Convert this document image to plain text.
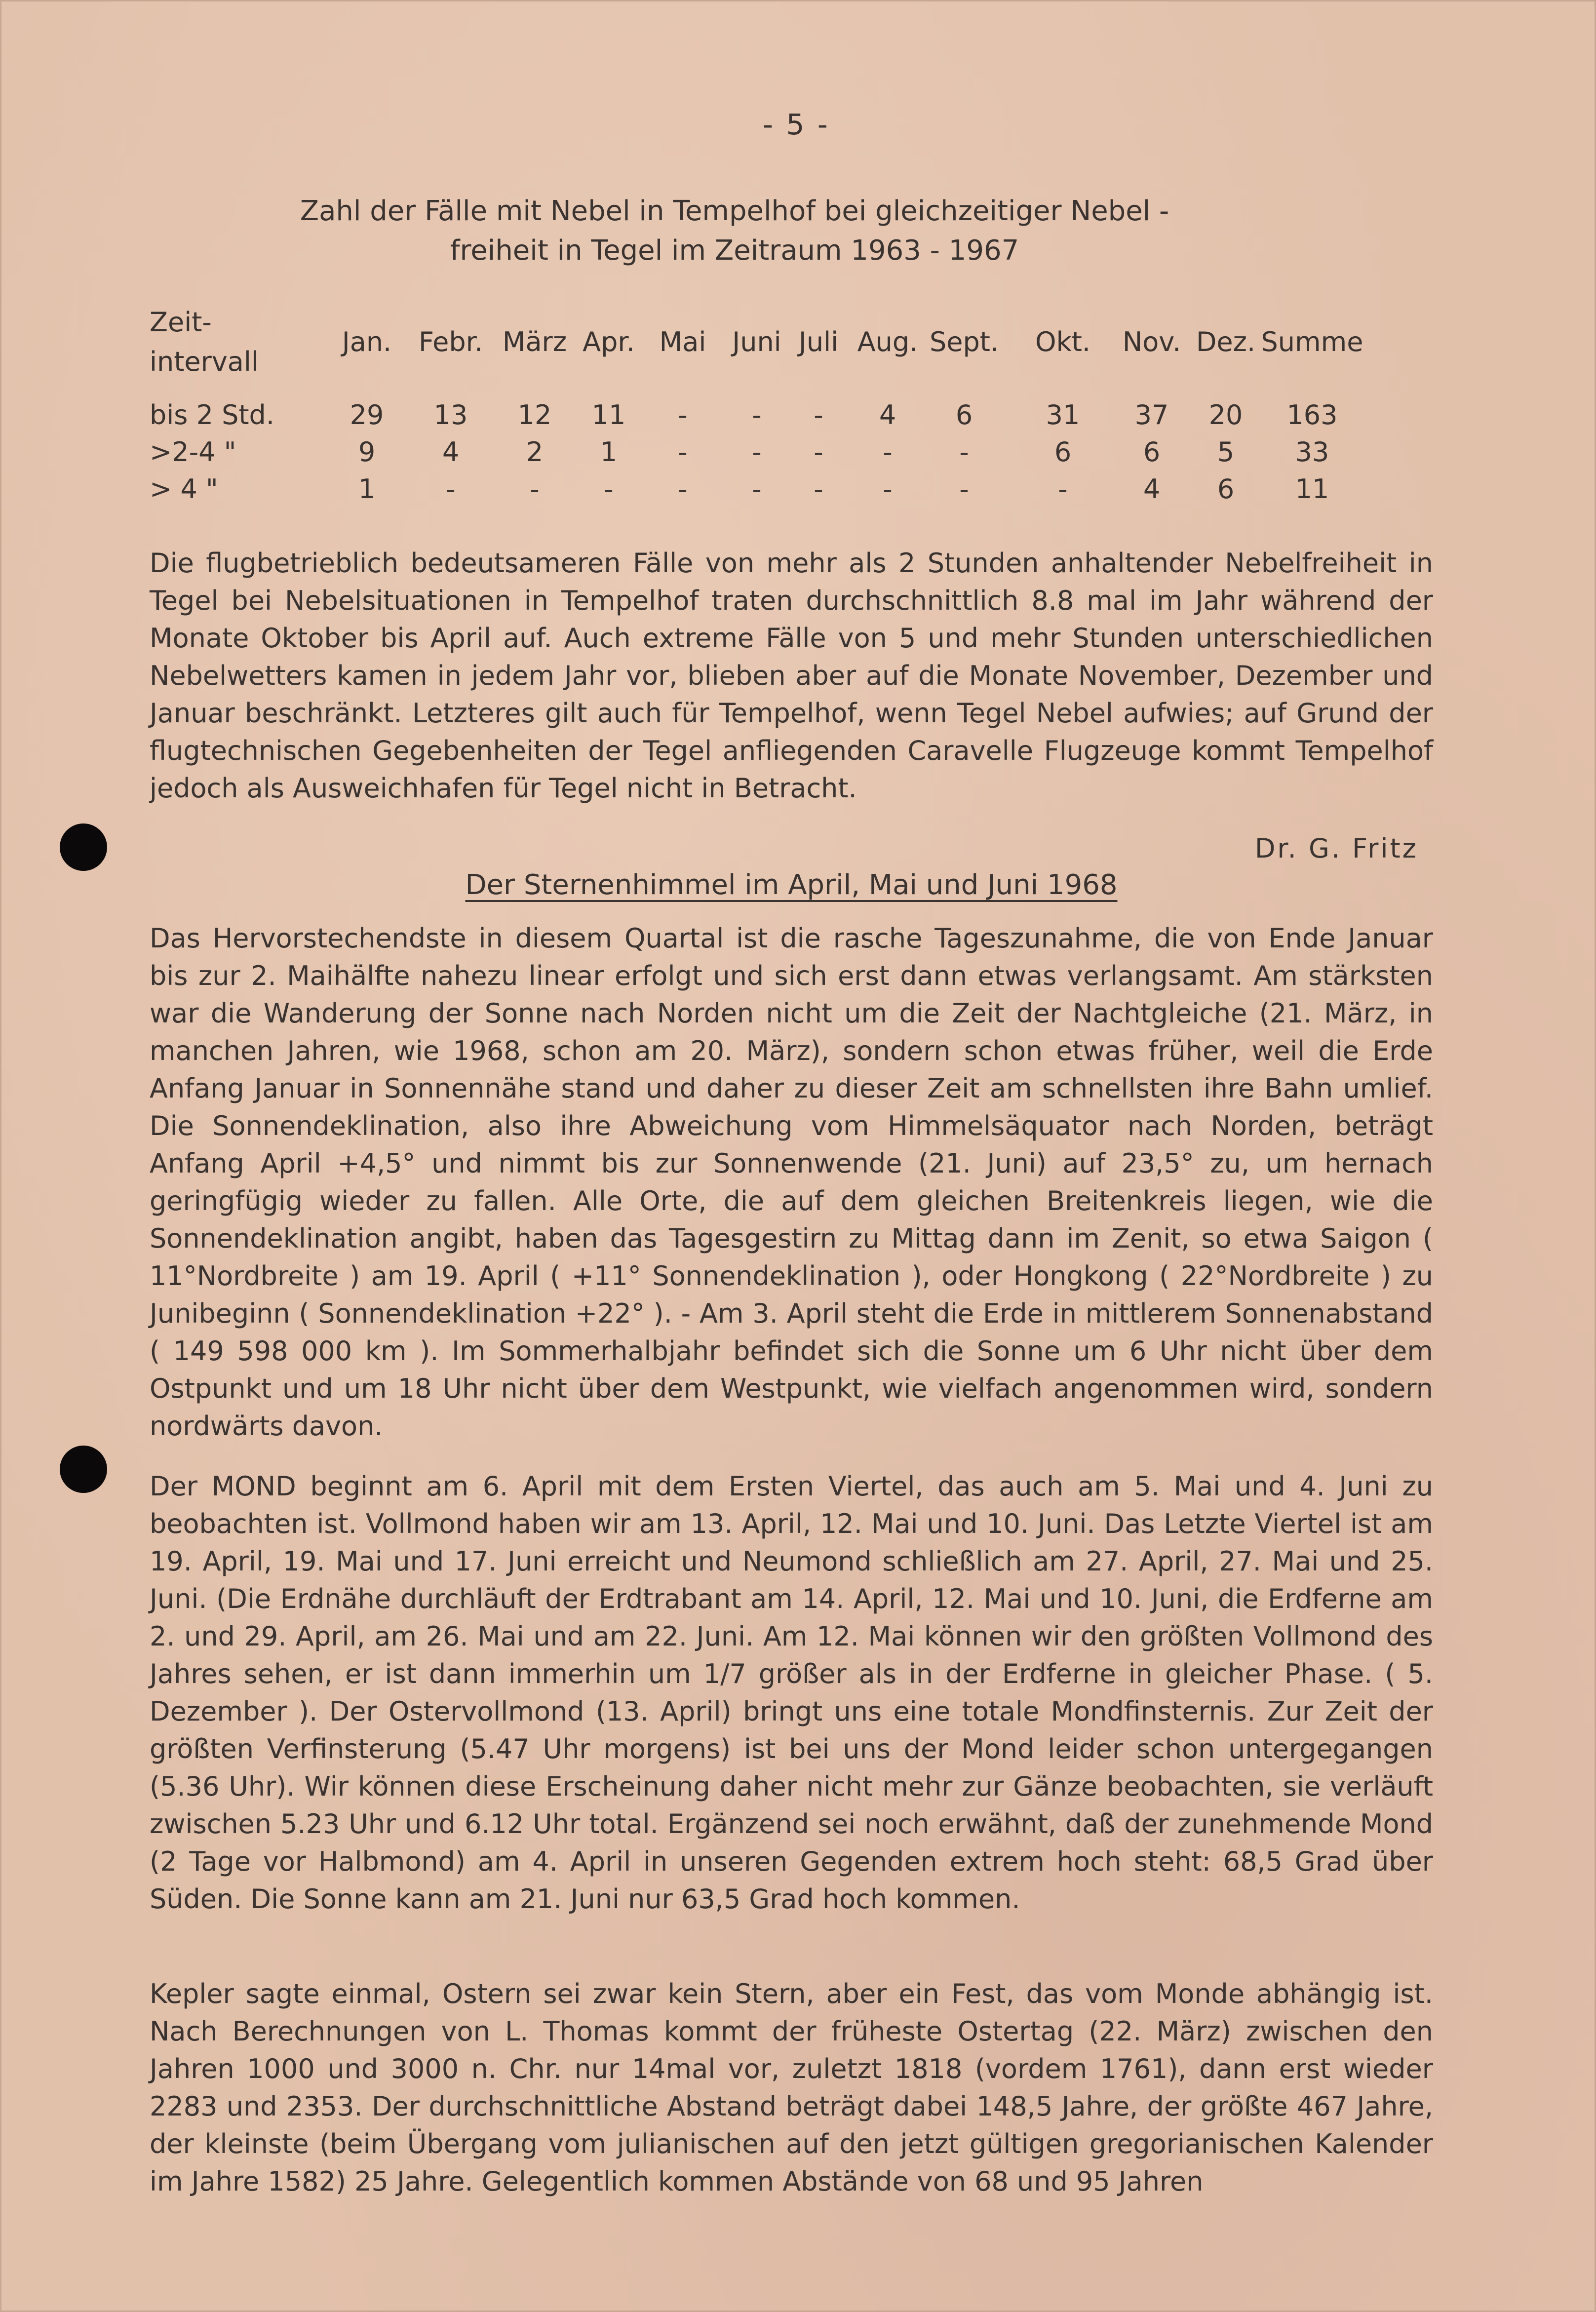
- 5 -
Zahl der Fälle mit Nebel in Tempelhof bei gleichzeitiger Nebel -
freiheit in Tegel im Zeitraum 1963 - 1967
Zeit-
intervall
Jan. Febr. März Apr. Mai Juni Juli Aug. Sept. Okt. Nov. Dez. Summe
bis 2 Std.	29	13	12	11	-	-	-	4	6	31	37	20	163
>2-4 "	9	4	2	1	-	-	-	-	-	6	6	5	33
> 4 "	1	-	-	-	-	-	-	-	-	-	4	6	11

Die flugbetrieblich bedeutsameren Fälle von mehr als 2 Stunden anhaltender Nebelfreiheit in Tegel bei Nebelsituationen in Tempelhof traten durchschnittlich 8.8 mal im Jahr während der Monate Oktober bis April auf. Auch extreme Fälle von 5 und mehr Stunden unterschiedlichen Nebelwetters kamen in jedem Jahr vor, blieben aber auf die Monate November, Dezember und Januar beschränkt. Letzteres gilt auch für Tempelhof, wenn Tegel Nebel aufwies; auf Grund der flugtechnischen Gegebenheiten der Tegel anfliegenden Caravelle Flugzeuge kommt Tempelhof jedoch als Ausweichhafen für Tegel nicht in Betracht.

Dr. G. Fritz
Der Sternenhimmel im April, Mai und Juni 1968

Das Hervorstechendste in diesem Quartal ist die rasche Tageszunahme, die von Ende Januar bis zur 2. Maihälfte nahezu linear erfolgt und sich erst dann etwas verlangsamt. Am stärksten war die Wanderung der Sonne nach Norden nicht um die Zeit der Nachtgleiche (21. März, in manchen Jahren, wie 1968, schon am 20. März), sondern schon etwas früher, weil die Erde Anfang Januar in Sonnennähe stand und daher zu dieser Zeit am schnellsten ihre Bahn umlief. Die Sonnendeklination, also ihre Abweichung vom Himmelsäquator nach Norden, beträgt Anfang April +4,5° und nimmt bis zur Sonnenwende (21. Juni) auf 23,5° zu, um hernach geringfügig wieder zu fallen. Alle Orte, die auf dem gleichen Breitenkreis liegen, wie die Sonnendeklination angibt, haben das Tagesgestirn zu Mittag dann im Zenit, so etwa Saigon ( 11°Nordbreite ) am 19. April ( +11° Sonnendeklination ), oder Hongkong ( 22°Nordbreite ) zu Junibeginn ( Sonnendeklination +22° ). - Am 3. April steht die Erde in mittlerem Sonnenabstand ( 149 598 000 km ). Im Sommerhalbjahr befindet sich die Sonne um 6 Uhr nicht über dem Ostpunkt und um 18 Uhr nicht über dem Westpunkt, wie vielfach angenommen wird, sondern nordwärts davon.

Der MOND beginnt am 6. April mit dem Ersten Viertel, das auch am 5. Mai und 4. Juni zu beobachten ist. Vollmond haben wir am 13. April, 12. Mai und 10. Juni. Das Letzte Viertel ist am 19. April, 19. Mai und 17. Juni erreicht und Neumond schließlich am 27. April, 27. Mai und 25. Juni. (Die Erdnähe durchläuft der Erdtrabant am 14. April, 12. Mai und 10. Juni, die Erdferne am 2. und 29. April, am 26. Mai und am 22. Juni. Am 12. Mai können wir den größten Vollmond des Jahres sehen, er ist dann immerhin um 1/7 größer als in der Erdferne in gleicher Phase. ( 5. Dezember ). Der Ostervollmond (13. April) bringt uns eine totale Mondfinsternis. Zur Zeit der größten Verfinsterung (5.47 Uhr morgens) ist bei uns der Mond leider schon untergegangen (5.36 Uhr). Wir können diese Erscheinung daher nicht mehr zur Gänze beobachten, sie verläuft zwischen 5.23 Uhr und 6.12 Uhr total. Ergänzend sei noch erwähnt, daß der zunehmende Mond (2 Tage vor Halbmond) am 4. April in unseren Gegenden extrem hoch steht: 68,5 Grad über Süden. Die Sonne kann am 21. Juni nur 63,5 Grad hoch kommen.

Kepler sagte einmal, Ostern sei zwar kein Stern, aber ein Fest, das vom Monde abhängig ist. Nach Berechnungen von L. Thomas kommt der früheste Ostertag (22. März) zwischen den Jahren 1000 und 3000 n. Chr. nur 14mal vor, zuletzt 1818 (vordem 1761), dann erst wieder 2283 und 2353. Der durchschnittliche Abstand beträgt dabei 148,5 Jahre, der größte 467 Jahre, der kleinste (beim Übergang vom julianischen auf den jetzt gültigen gregorianischen Kalender im Jahre 1582) 25 Jahre. Gelegentlich kommen Abstände von 68 und 95 Jahren
